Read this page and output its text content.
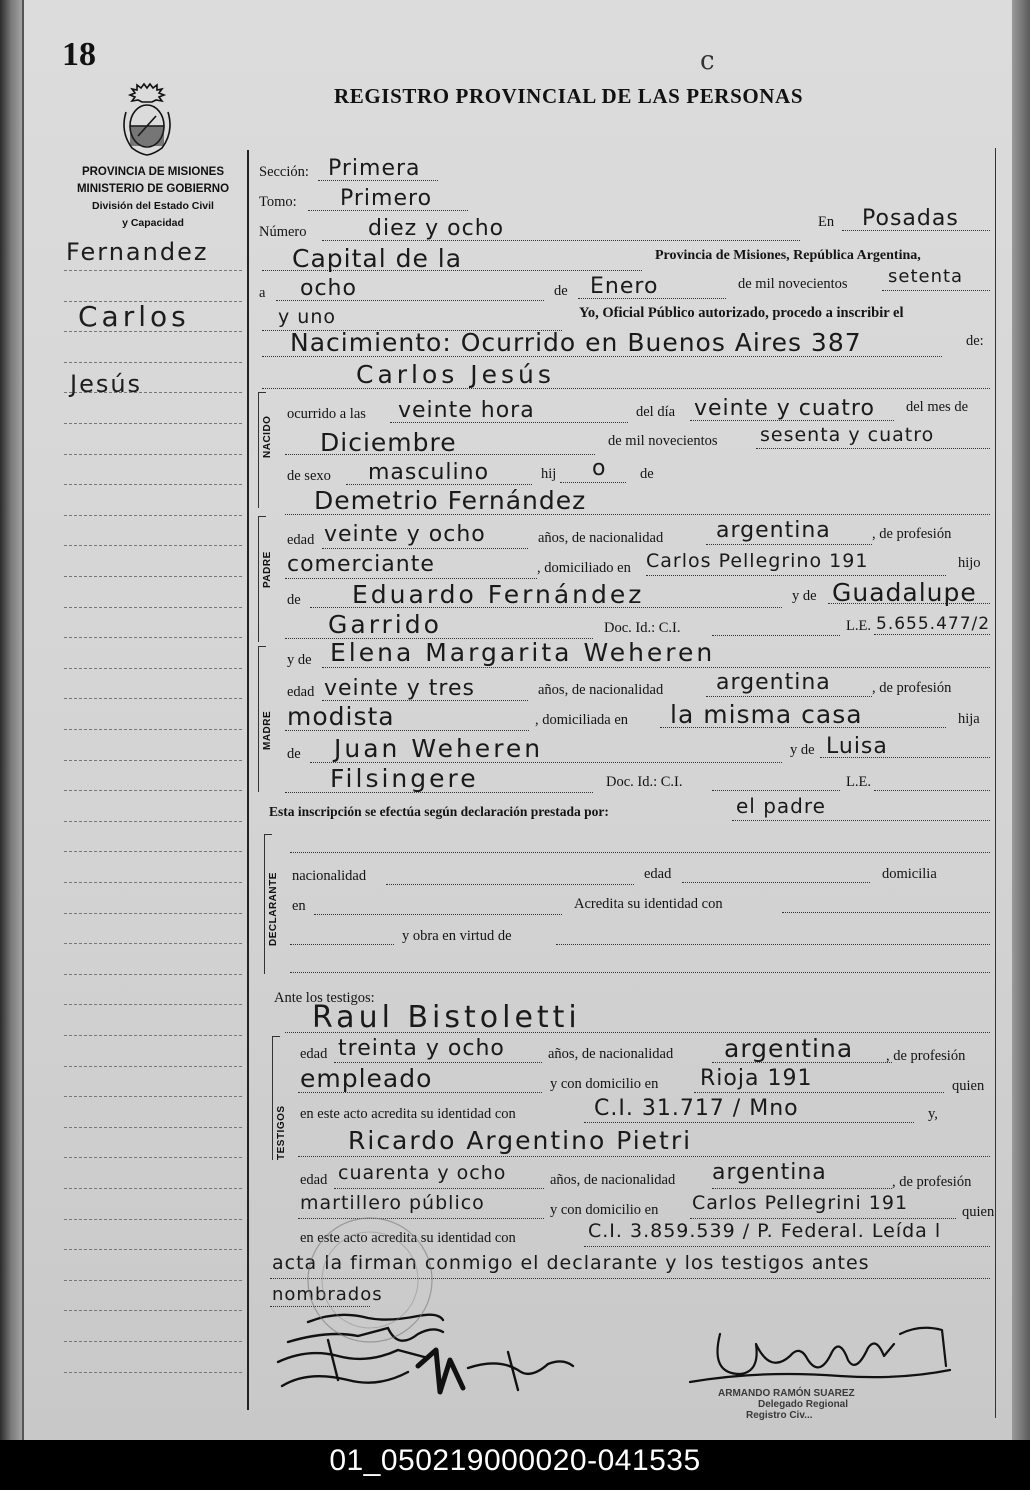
18	c
REGISTRO PROVINCIAL DE LAS PERSONAS
PROVINCIA DE MISIONES
MINISTERIO DE GOBIERNO
División del Estado Civil
y Capacidad
Fernandez
Carlos
Jesús
Sección: Primera
Tomo: Primero
Número	diez y ocho	En Posadas
Capital de la	Provincia de Misiones, República Argentina,
a ocho	de Enero	de mil novecientos setenta
y uno	Yo, Oficial Público autorizado, procedo a inscribir el
Nacimiento: Ocurrido en Buenos Aires 387	de:
Carlos Jesús
NACIDO
ocurrido a las veinte hora	del día veinte y cuatro del mes de
Diciembre	de mil novecientos sesenta y cuatro
de sexo masculino	hij o de
Demetrio Fernández
PADRE
edad veinte y ocho	años, de nacionalidad argentina	, de profesión
comerciante	, domiciliado en Carlos Pellegrino 191	hijo
de Eduardo Fernández	y de Guadalupe
Garrido	Doc. Id.: C.I.	L.E. 5.655.477/2
MADRE
y de Elena Margarita Weheren
edad veinte y tres	años, de nacionalidad argentina	, de profesión
modista	, domiciliada en la misma casa	hija
de Juan Weheren	y de Luisa
Filsingere	Doc. Id.: C.I.	L.E.
Esta inscripción se efectúa según declaración prestada por:	el padre
DECLARANTE nacionalidad	edad	domicilia
en	Acredita su identidad con
y obra en virtud de
Ante los testigos:
Raul Bistoletti
TESTIGOS
edad treinta y ocho	años, de nacionalidad argentina , de profesión
empleado	y con domicilio en Rioja 191	quien
en este acto acredita su identidad con	C.I. 31.717 / Mno	y,
Ricardo Argentino Pietri
edad cuarenta y ocho	años, de nacionalidad argentina	, de profesión
martillero público	y con domicilio en Carlos Pellegrini 191	quien
en este acto acredita su identidad con	C.I. 3.859.539 / P. Federal. Leída l
acta la firman conmigo el declarante y los testigos antes
nombrados
ARMANDO RAMÓN SUAREZ
Delegado Regional
Registro Civ...
01_050219000020-041535
